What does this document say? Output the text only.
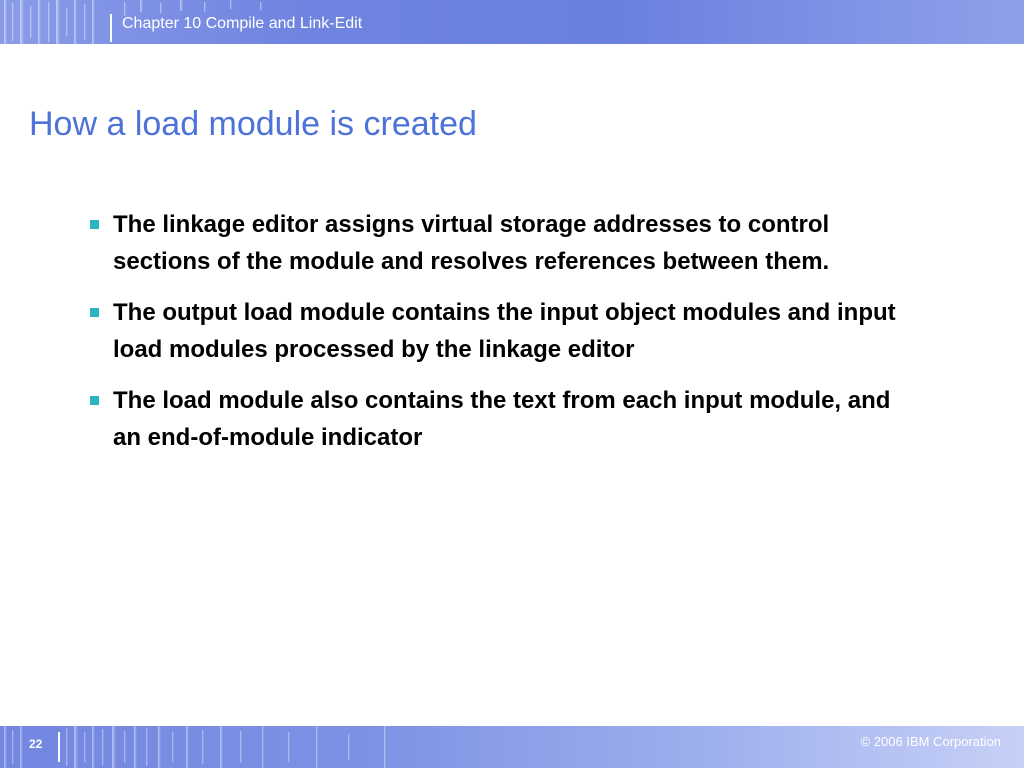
Chapter 10 Compile and Link-Edit
How a load module is created
The linkage editor assigns virtual storage addresses to control sections of the module and resolves references between them.
The output load module contains the input object modules and input load modules processed by the linkage editor
The load module also contains the text from each input module, and an end-of-module indicator
22	© 2006 IBM Corporation
